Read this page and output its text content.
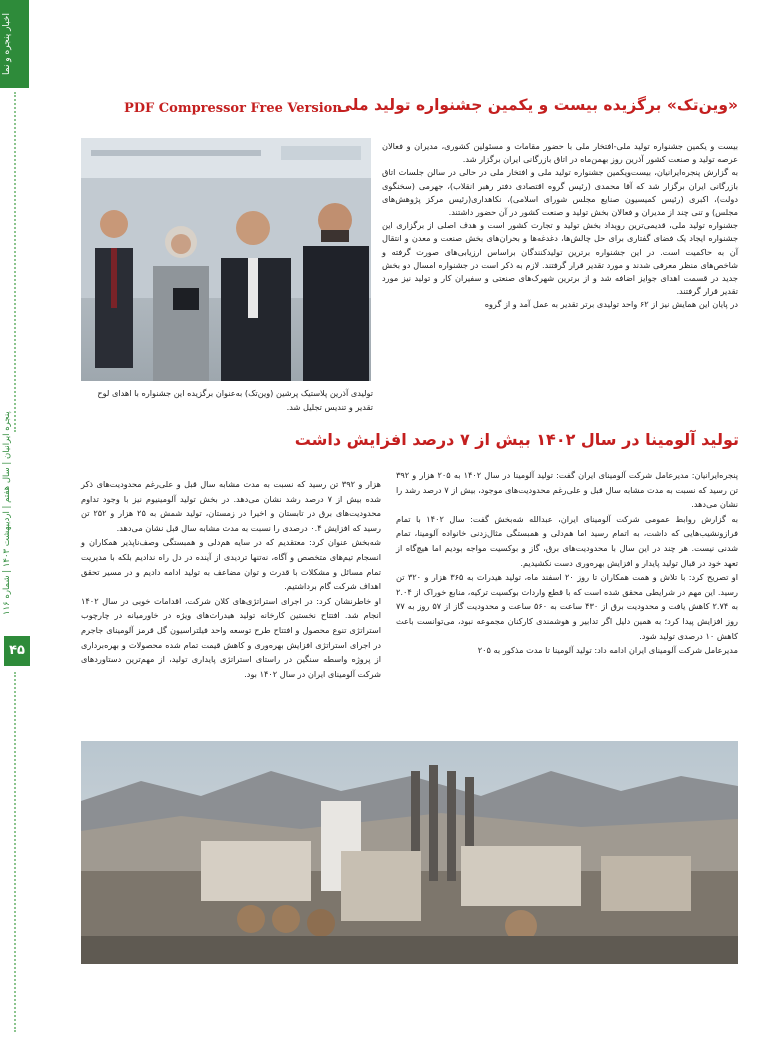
اخبار پنجره و نما
پنجره ایرانیان | سال هفتم | اردیبهشت ۱۴۰۳ | شماره ۱۱۶
۴۵
«وین‌تک» برگزیده بیست و یکمین جشنواره تولید ملی
PDF Compressor Free Version

بیست و یکمین جشنواره تولید ملی-افتخار ملی با حضور مقامات و مسئولین کشوری، مدیران و فعالان عرصه تولید و صنعت کشور آذرین روز بهمن‌ماه در اتاق بازرگانی ایران برگزار شد.

به گزارش پنجره‌ایرانیان، بیست‌ویکمین جشنواره تولید ملی و افتخار ملی در حالی در سالن جلسات اتاق بازرگانی ایران برگزار شد که آقا محمدی (رئیس گروه اقتصادی دفتر رهبر انقلاب)، جهرمی (سخنگوی دولت)، اکبری (رئیس کمیسیون صنایع مجلس شورای اسلامی)، نکاهداری(رئیس مرکز پژوهش‌های مجلس) و تنی چند از مدیران و فعالان بخش تولید و صنعت کشور در آن حضور داشتند.

جشنواره تولید ملی، قدیمی‌ترین رویداد بخش تولید و تجارت کشور است و هدف اصلی از برگزاری این جشنواره ایجاد یک فضای گفتاری برای حل چالش‌ها، دغدغه‌ها و بحران‌های بخش صنعت و معدن و انتقال آن به حاکمیت است. در این جشنواره برترین تولیدکنندگان براساس ارزیابی‌های صورت گرفته و شاخص‌های منظر معرفی شدند و مورد تقدیر قرار گرفتند. لازم به ذکر است در جشنواره امسال دو بخش جدید در قسمت اهدای جوایز اضافه شد و از برترین شهرک‌های صنعتی و سفیران کار و تولید نیز مورد تقدیر قرار گرفتند.

در پایان این همایش نیز از ۶۲ واحد تولیدی برتر تقدیر به عمل آمد و از گروه

تولیدی آذرین پلاستیک پرشین (وین‌تک) به‌عنوان برگزیده این جشنواره با اهدای لوح تقدیر و تندیس تجلیل شد.
تولید آلومینا در سال ۱۴۰۲ بیش از ۷ درصد افزایش داشت

پنجره‌ایرانیان: مدیرعامل شرکت آلومینای ایران گفت: تولید آلومینا در سال ۱۴۰۲ به ۲۰۵ هزار و ۳۹۲ تن رسید که نسبت به مدت مشابه سال قبل و علی‌رغم محدودیت‌های موجود، بیش از ۷ درصد رشد را نشان می‌دهد.

به گزارش روابط عمومی شرکت آلومینای ایران، عبدالله شه‌بخش گفت: سال ۱۴۰۲ با تمام فراز‌ونشیب‌هایی که داشت، به اتمام رسید اما هم‌دلی و همبستگی مثال‌زدنی خانواده آلومینا، تمام شدنی نیست. هر چند در این سال با محدودیت‌های برق، گاز و بوکسیت مواجه بودیم اما هیچ‌گاه از تعهد خود در قبال تولید پایدار و افزایش بهره‌وری دست نکشیدیم.

او تصریح کرد: با تلاش و همت همکاران تا روز ۲۰ اسفند ماه، تولید هیدرات به ۳۶۵ هزار و ۳۲۰ تن رسید. این مهم در شرایطی محقق شده است که با قطع واردات بوکسیت ترکیه، منابع خوراک از ۲.۰۴ به ۲.۷۴ کاهش یافت و محدودیت برق از ۴۳۰ ساعت به ۵۶۰ ساعت و محدودیت گاز از ۵۷ روز به ۷۷ روز افزایش پیدا کرد؛ به همین دلیل اگر تدابیر و هوشمندی کارکنان مجموعه نبود، می‌توانست باعث کاهش ۱۰ درصدی تولید شود.

مدیرعامل شرکت آلومینای ایران ادامه داد: تولید آلومینا تا مدت مذکور به ۲۰۵

هزار و ۳۹۲ تن رسید که نسبت به مدت مشابه سال قبل و علی‌رغم محدودیت‌های ذکر شده بیش از ۷ درصد رشد نشان می‌دهد. در بخش تولید آلومینیوم نیز با وجود تداوم محدودیت‌های برق در تابستان و اخیرا در زمستان، تولید شمش به ۲۵ هزار و ۲۵۲ تن رسید که افزایش ۰.۴ درصدی را نسبت به مدت مشابه سال قبل نشان می‌دهد.

شه‌بخش عنوان کرد: معتقدیم که در سایه هم‌دلی و همبستگی وصف‌ناپذیر همکاران و انسجام تیم‌های متخصص و آگاه، نه‌تنها تردیدی از آینده در دل راه ندادیم بلکه با مدیریت تمام مسائل و مشکلات با قدرت و توان مضاعف به تولید ادامه دادیم و در مسیر تحقق اهداف شرکت گام برداشتیم.

او خاطرنشان کرد: در اجرای استراتژی‌های کلان شرکت، اقدامات خوبی در سال ۱۴۰۲ انجام شد. افتتاح نخستین کارخانه تولید هیدرات‌های ویژه در خاورمیانه در چارچوب استراتژی تنوع محصول و افتتاح طرح توسعه واحد فیلتراسیون گل قرمز آلومینای جاجرم در اجرای استراتژی افزایش بهره‌وری و کاهش قیمت تمام شده محصولات و بهره‌برداری از پروژه واسطه سنگین در راستای استراتژی پایداری تولید، از مهم‌ترین دستاوردهای شرکت آلومینای ایران در سال ۱۴۰۲ بود.
